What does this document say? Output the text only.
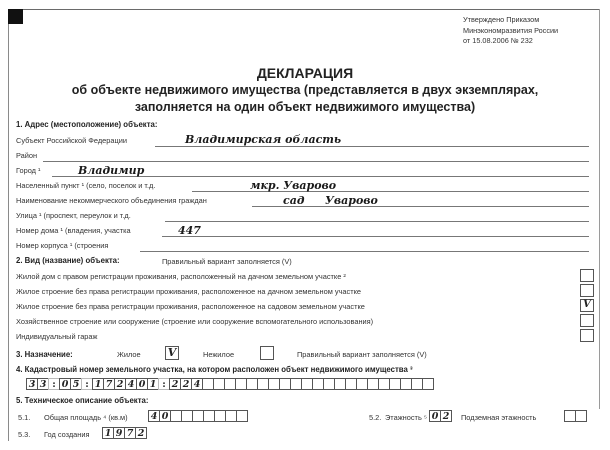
Утверждено Приказом
Минэкономразвития России
от 15.08.2006 № 232
ДЕКЛАРАЦИЯ
об объекте недвижимого имущества (представляется в двух экземплярах,
заполняется на один объект недвижимого имущества)
1. Адрес (местоположение) объекта:
Субъект Российской Федерации	Владимирская область
Район
Город ¹	Владимир
Населенный пункт ¹ (село, поселок и т.д.	мкр. Уварово
Наименование некоммерческого объединения граждан	сад Уварово
Улица ¹ (проспект, переулок и т.д.
Номер дома ¹ (владения, участка	447
Номер корпуса ¹ (строения
2. Вид (название) объекта:	Правильный вариант заполняется (V)
Жилой дом с правом регистрации проживания, расположенный на дачном земельном участке ²
Жилое строение без права регистрации проживания, расположенное на дачном земельном участке
Жилое строение без права регистрации проживания, расположенное на садовом земельном участке	V
Хозяйственное строение или сооружение (строение или сооружение вспомогательного использования)
Индивидуальный гараж
3. Назначение:	Жилое V	Нежилое	Правильный вариант заполняется (V)
4. Кадастровый номер земельного участка, на котором расположен объект недвижимого имущества ³
3 3 : 0 5 : 1 7 2 4 0 1 : 2 2 4
5. Техническое описание объекта:
5.1. Общая площадь ⁴ (кв.м) 4 0	5.2. Этажность ⁵ 0 2	Подземная этажность
5.3. Год создания 1 9 7 2
